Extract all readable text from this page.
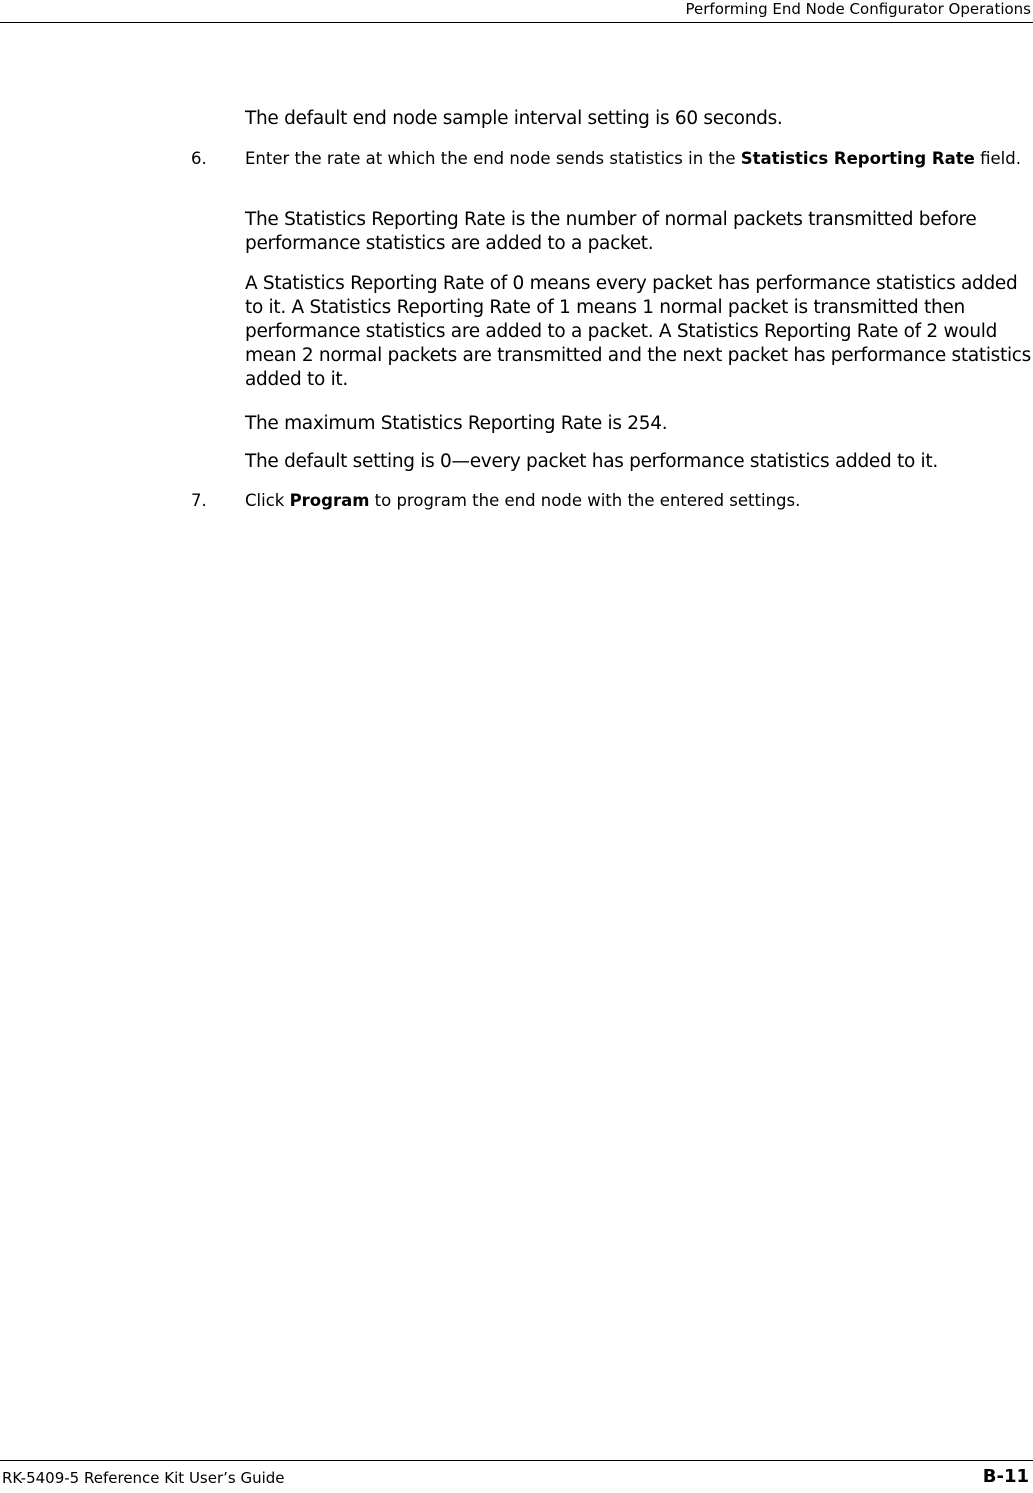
Performing End Node Configurator Operations
The default end node sample interval setting is 60 seconds.
6. Enter the rate at which the end node sends statistics in the Statistics Reporting Rate field.
The Statistics Reporting Rate is the number of normal packets transmitted before performance statistics are added to a packet.
A Statistics Reporting Rate of 0 means every packet has performance statistics added to it. A Statistics Reporting Rate of 1 means 1 normal packet is transmitted then performance statistics are added to a packet. A Statistics Reporting Rate of 2 would mean 2 normal packets are transmitted and the next packet has performance statistics added to it.
The maximum Statistics Reporting Rate is 254.
The default setting is 0—every packet has performance statistics added to it.
7. Click Program to program the end node with the entered settings.
RK-5409-5 Reference Kit User’s Guide	B-11
